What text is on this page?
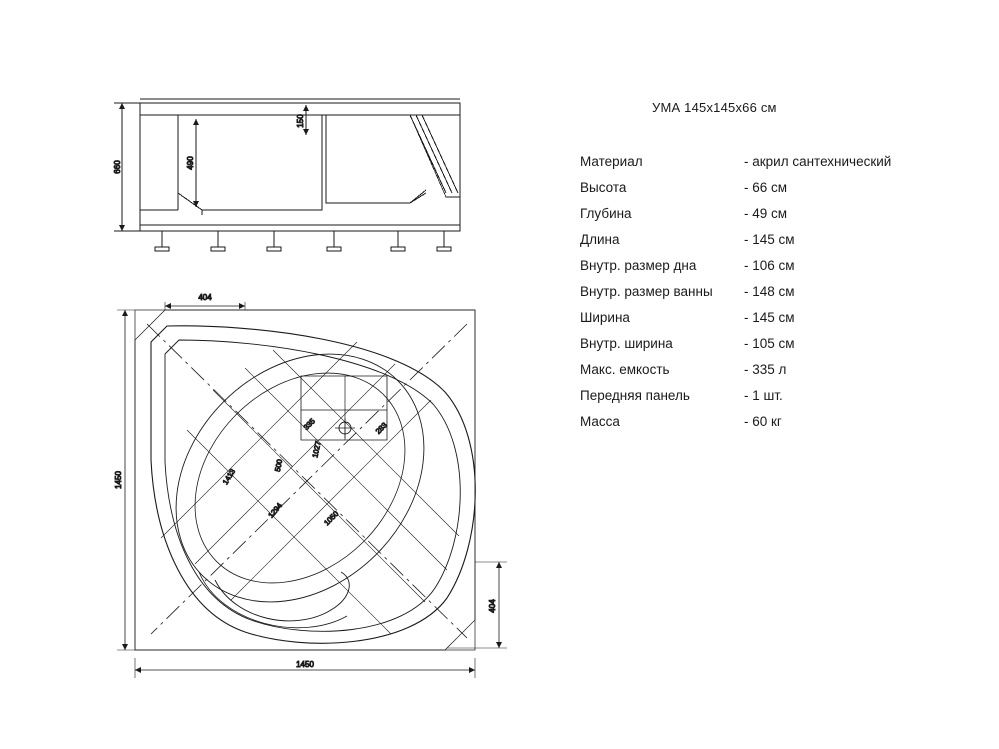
660	490
150
404
1450
1450
404
335	283
500
1027
1413
1050
1294
УМА 145х145х66 см
Материал	- акрил сантехнический
Высота	- 66 см
Глубина	- 49 см
Длина	- 145 см
Внутр. размер дна	- 106 см
Внутр. размер ванны	- 148 см
Ширина	- 145 см
Внутр. ширина	- 105 см
Макс. емкость	- 335 л
Передняя панель	- 1 шт.
Масса	- 60 кг
